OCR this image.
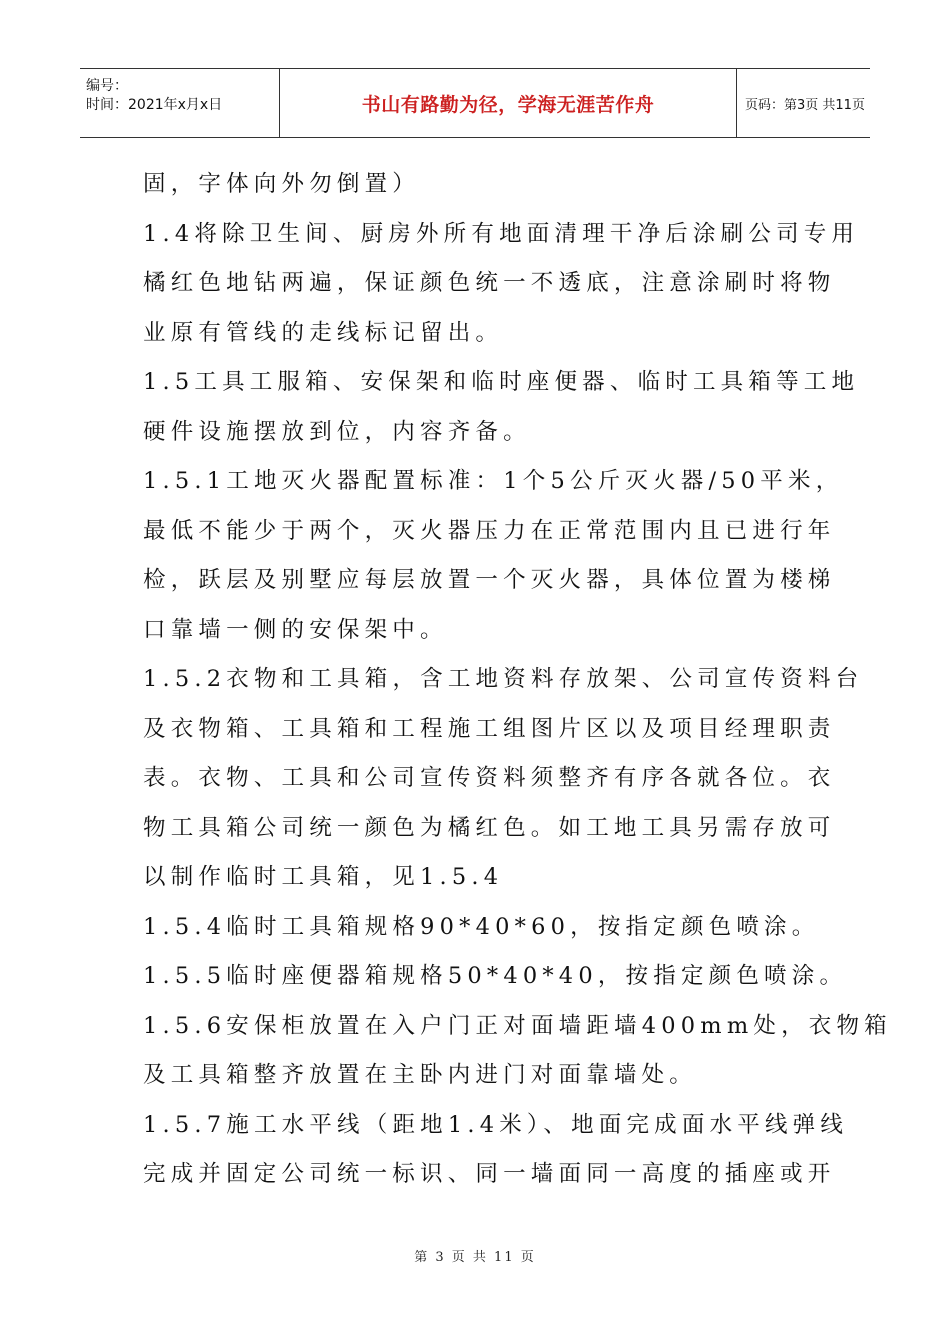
编号：
时间：2021年x月x日	书山有路勤为径，学海无涯苦作舟	页码：第3页 共11页
固，字体向外勿倒置）
1.4将除卫生间、厨房外所有地面清理干净后涂刷公司专用
橘红色地钻两遍，保证颜色统一不透底，注意涂刷时将物
业原有管线的走线标记留出。
1.5工具工服箱、安保架和临时座便器、临时工具箱等工地
硬件设施摆放到位，内容齐备。
1.5.1工地灭火器配置标准：1个5公斤灭火器/50平米，
最低不能少于两个，灭火器压力在正常范围内且已进行年
检，跃层及别墅应每层放置一个灭火器，具体位置为楼梯
口靠墙一侧的安保架中。
1.5.2衣物和工具箱，含工地资料存放架、公司宣传资料台
及衣物箱、工具箱和工程施工组图片区以及项目经理职责
表。衣物、工具和公司宣传资料须整齐有序各就各位。衣
物工具箱公司统一颜色为橘红色。如工地工具另需存放可
以制作临时工具箱，见1.5.4
1.5.4临时工具箱规格90*40*60，按指定颜色喷涂。
1.5.5临时座便器箱规格50*40*40，按指定颜色喷涂。
1.5.6安保柜放置在入户门正对面墙距墙400mm处，衣物箱
及工具箱整齐放置在主卧内进门对面靠墙处。
1.5.7施工水平线（距地1.4米）、地面完成面水平线弹线
完成并固定公司统一标识、同一墙面同一高度的插座或开
第 3 页 共 11 页
